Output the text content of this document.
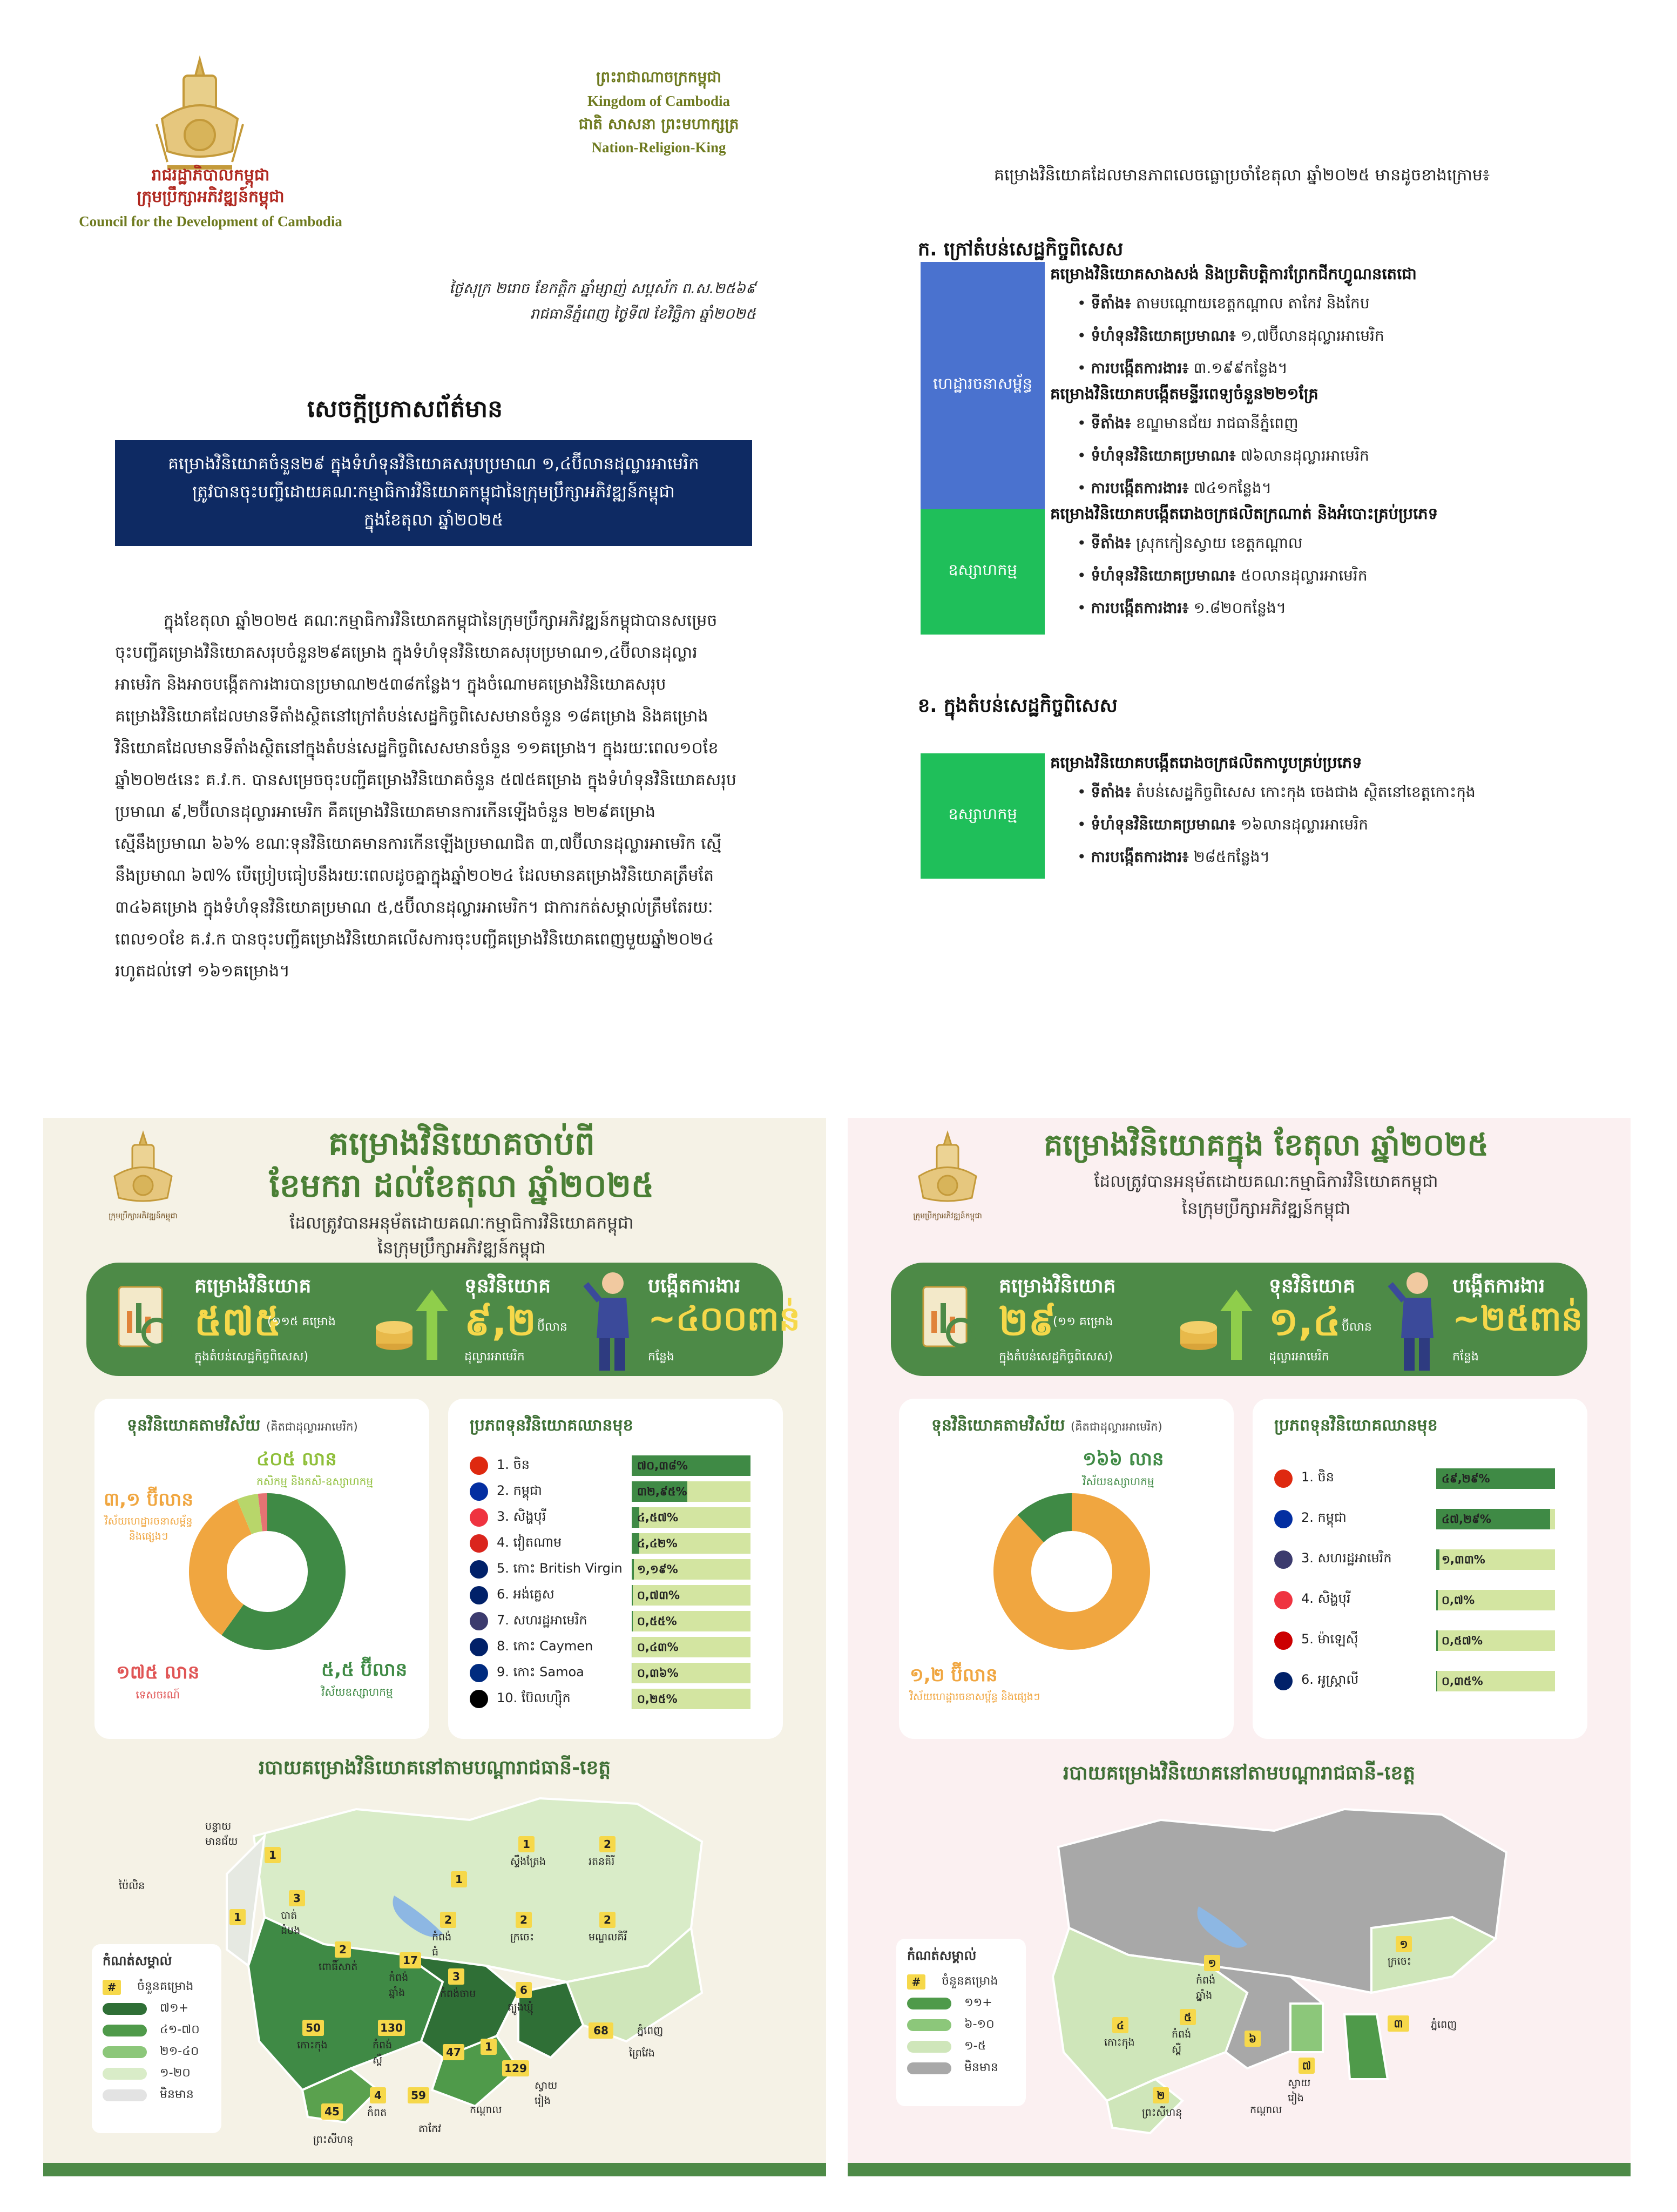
រាជរដ្ឋាភិបាលកម្ពុជា
ក្រុមប្រឹក្សាអភិវឌ្ឍន៍កម្ពុជា
Council for the Development of Cambodia
ព្រះរាជាណាចក្រកម្ពុជា
Kingdom of Cambodia
ជាតិ សាសនា ព្រះមហាក្សត្រ
Nation-Religion-King
ថ្ងៃសុក្រ ២រោច ខែកត្តិក ឆ្នាំម្សាញ់ សប្តស័ក ព.ស.២៥៦៩
រាជធានីភ្នំពេញ ថ្ងៃទី៧ ខែវិច្ឆិកា ឆ្នាំ២០២៥
សេចក្តីប្រកាសព័ត៌មាន
គម្រោងវិនិយោគចំនួន២៩ ក្នុងទំហំទុនវិនិយោគសរុបប្រមាណ ១,៤ប៊ីលានដុល្លារអាមេរិក
ត្រូវបានចុះបញ្ជីដោយគណៈកម្មាធិការវិនិយោគកម្ពុជានៃក្រុមប្រឹក្សាអភិវឌ្ឍន៍កម្ពុជា
ក្នុងខែតុលា ឆ្នាំ២០២៥
ក្នុងខែតុលា ឆ្នាំ២០២៥ គណៈកម្មាធិការវិនិយោគកម្ពុជានៃក្រុមប្រឹក្សាអភិវឌ្ឍន៍កម្ពុជាបានសម្រេច
ចុះបញ្ជីគម្រោងវិនិយោគសរុបចំនួន២៩គម្រោង ក្នុងទំហំទុនវិនិយោគសរុបប្រមាណ១,៤ប៊ីលានដុល្លារ
អាមេរិក និងអាចបង្កើតការងារបានប្រមាណ២៥៣៨កន្លែង។ ក្នុងចំណោមគម្រោងវិនិយោគសរុប
គម្រោងវិនិយោគដែលមានទីតាំងស្ថិតនៅក្រៅតំបន់សេដ្ឋកិច្ចពិសេសមានចំនួន ១៨គម្រោង និងគម្រោង
វិនិយោគដែលមានទីតាំងស្ថិតនៅក្នុងតំបន់សេដ្ឋកិច្ចពិសេសមានចំនួន ១១គម្រោង។ ក្នុងរយៈពេល១០ខែ
ឆ្នាំ២០២៥នេះ គ.វ.ក. បានសម្រេចចុះបញ្ជីគម្រោងវិនិយោគចំនួន ៥៧៥គម្រោង ក្នុងទំហំទុនវិនិយោគសរុប
ប្រមាណ ៩,២ប៊ីលានដុល្លារអាមេរិក គឺគម្រោងវិនិយោគមានការកើនឡើងចំនួន ២២៩គម្រោង
ស្មើនឹងប្រមាណ ៦៦% ខណៈទុនវិនិយោគមានការកើនឡើងប្រមាណជិត ៣,៧ប៊ីលានដុល្លារអាមេរិក ស្មើ
នឹងប្រមាណ ៦៧% បើប្រៀបធៀបនឹងរយៈពេលដូចគ្នាក្នុងឆ្នាំ២០២៤ ដែលមានគម្រោងវិនិយោគត្រឹមតែ
៣៤៦គម្រោង ក្នុងទំហំទុនវិនិយោគប្រមាណ ៥,៥ប៊ីលានដុល្លារអាមេរិក។ ជាការកត់សម្គាល់ត្រឹមតែរយៈ
ពេល១០ខែ គ.វ.ក បានចុះបញ្ជីគម្រោងវិនិយោគលើសការចុះបញ្ជីគម្រោងវិនិយោគពេញមួយឆ្នាំ២០២៤
រហូតដល់ទៅ ១៦១គម្រោង។
គម្រោងវិនិយោគដែលមានភាពលេចធ្លោប្រចាំខែតុលា ឆ្នាំ២០២៥ មានដូចខាងក្រោម៖
ក. ក្រៅតំបន់សេដ្ឋកិច្ចពិសេស
ហេដ្ឋារចនាសម្ព័ន្ធ
ឧស្សាហកម្ម
គម្រោងវិនិយោគសាងសង់ និងប្រតិបត្តិការព្រែកជីកហ្វូណនតេជោ
• ទីតាំង៖ តាមបណ្តោយខេត្តកណ្តាល តាកែវ និងកែប
• ទំហំទុនវិនិយោគប្រមាណ៖ ១,៧ប៊ីលានដុល្លារអាមេរិក
• ការបង្កើតការងារ៖ ៣.១៩៩កន្លែង។
គម្រោងវិនិយោគបង្កើតមន្ទីរពេទ្យចំនួន២២១គ្រែ
• ទីតាំង៖ ខណ្ឌមានជ័យ រាជធានីភ្នំពេញ
• ទំហំទុនវិនិយោគប្រមាណ៖ ៧៦លានដុល្លារអាមេរិក
• ការបង្កើតការងារ៖ ៧៤១កន្លែង។
គម្រោងវិនិយោគបង្កើតរោងចក្រផលិតក្រណាត់ និងអំបោះគ្រប់ប្រភេទ
• ទីតាំង៖ ស្រុកកៀនស្វាយ ខេត្តកណ្តាល
• ទំហំទុនវិនិយោគប្រមាណ៖ ៥០លានដុល្លារអាមេរិក
• ការបង្កើតការងារ៖ ១.៨២០កន្លែង។
ខ. ក្នុងតំបន់សេដ្ឋកិច្ចពិសេស
ឧស្សាហកម្ម
គម្រោងវិនិយោគបង្កើតរោងចក្រផលិតកាបូបគ្រប់ប្រភេទ
• ទីតាំង៖ តំបន់សេដ្ឋកិច្ចពិសេស កោះកុង ចេងជាង ស្ថិតនៅខេត្តកោះកុង
• ទំហំទុនវិនិយោគប្រមាណ៖ ១៦លានដុល្លារអាមេរិក
• ការបង្កើតការងារ៖ ២៨៥កន្លែង។
ក្រុមប្រឹក្សាអភិវឌ្ឍន៍កម្ពុជា
គម្រោងវិនិយោគចាប់ពី
ខែមករា ដល់ខែតុលា ឆ្នាំ២០២៥
ដែលត្រូវបានអនុម័តដោយគណៈកម្មាធិការវិនិយោគកម្ពុជា
នៃក្រុមប្រឹក្សាអភិវឌ្ឍន៍កម្ពុជា
គម្រោងវិនិយោគ
៥៧៥
(១១៥ គម្រោង
ក្នុងតំបន់សេដ្ឋកិច្ចពិសេស)
ទុនវិនិយោគ
៩,២ ប៊ីលាន
ដុល្លារអាមេរិក
បង្កើតការងារ
~៤០០ពាន់
កន្លែង
ទុនវិនិយោគតាមវិស័យ (គិតជាដុល្លារអាមេរិក)
៤០៥ លាន
កសិកម្ម និងកសិ-ឧស្សាហកម្ម
៣,១ ប៊ីលាន
វិស័យហេដ្ឋារចនាសម្ព័ន្ធ និងផ្សេងៗ
១៧៥ លាន
ទេសចរណ៍
៥,៥ ប៊ីលាន
វិស័យឧស្សាហកម្ម
ប្រភពទុនវិនិយោគឈានមុខ
1. ចិន	៧០,៣៨%
2. កម្ពុជា	៣២,៩៥%
3. សិង្ហបុរី	៤,៥៧%
4. វៀតណាម	៤,៤២%
5. កោះ British Virgin	១,១៩%
6. អង់គ្លេស	០,៧៣%
7. សហរដ្ឋអាមេរិក	០,៥៥%
8. កោះ Caymen	០,៤៣%
9. កោះ Samoa	០,៣៦%
10. ប៊ែលហ្ស៊ិក	០,២៥%
របាយគម្រោងវិនិយោគនៅតាមបណ្តារាជធានី-ខេត្ត
1
បន្ទាយមានជ័យ
1
ប៉ៃលិន
3
បាត់ដំបង
2
ពោធិ៍សាត់	17
កំពង់ឆ្នាំង
2
កំពង់ធំ
1
1
ស្ទឹងត្រែង
2
រតនគិរី
2
ក្រចេះ
2
មណ្ឌលគិរី
3
កំពង់ចាម	6
ត្បូងឃ្មុំ
68	ភ្នំពេញ
1	ព្រៃវែង
129
ស្វាយរៀង
47
កណ្តាល
59
តាកែវ
4
កំពត
50
កោះកុង
130
កំពង់ស្ពឺ
45
ព្រះសីហនុ
កំណត់សម្គាល់
#	ចំនួនគម្រោង
៧១+
៤១-៧០
២១-៤០
១-២០
មិនមាន
ក្រុមប្រឹក្សាអភិវឌ្ឍន៍កម្ពុជា
គម្រោងវិនិយោគក្នុង ខែតុលា ឆ្នាំ២០២៥
ដែលត្រូវបានអនុម័តដោយគណៈកម្មាធិការវិនិយោគកម្ពុជា
នៃក្រុមប្រឹក្សាអភិវឌ្ឍន៍កម្ពុជា
គម្រោងវិនិយោគ
២៩
(១១ គម្រោង
ក្នុងតំបន់សេដ្ឋកិច្ចពិសេស)
ទុនវិនិយោគ
១,៤ ប៊ីលាន
ដុល្លារអាមេរិក
បង្កើតការងារ
~២៥ពាន់
កន្លែង
ទុនវិនិយោគតាមវិស័យ (គិតជាដុល្លារអាមេរិក)
១៦៦ លាន
វិស័យឧស្សាហកម្ម
១,២ ប៊ីលាន
វិស័យហេដ្ឋារចនាសម្ព័ន្ធ និងផ្សេងៗ
ប្រភពទុនវិនិយោគឈានមុខ
1. ចិន	៤៩,២៩%
2. កម្ពុជា	៤៧,២៩%
3. សហរដ្ឋអាមេរិក	១,៣៣%
4. សិង្ហបុរី	០,៧%
5. ម៉ាឡេស៊ី	០,៥៧%
6. អូស្ត្រាលី	០,៣៥%
របាយគម្រោងវិនិយោគនៅតាមបណ្តារាជធានី-ខេត្ត
១
ក្រចេះ
១
កំពង់ឆ្នាំង
៥
កំពង់ស្ពឺ
៤
កោះកុង
២
ព្រះសីហនុ
៦
កណ្តាល
៣	ភ្នំពេញ
៧
ស្វាយរៀង
កំណត់សម្គាល់
#	ចំនួនគម្រោង
១១+
៦-១០
១-៥
មិនមាន
